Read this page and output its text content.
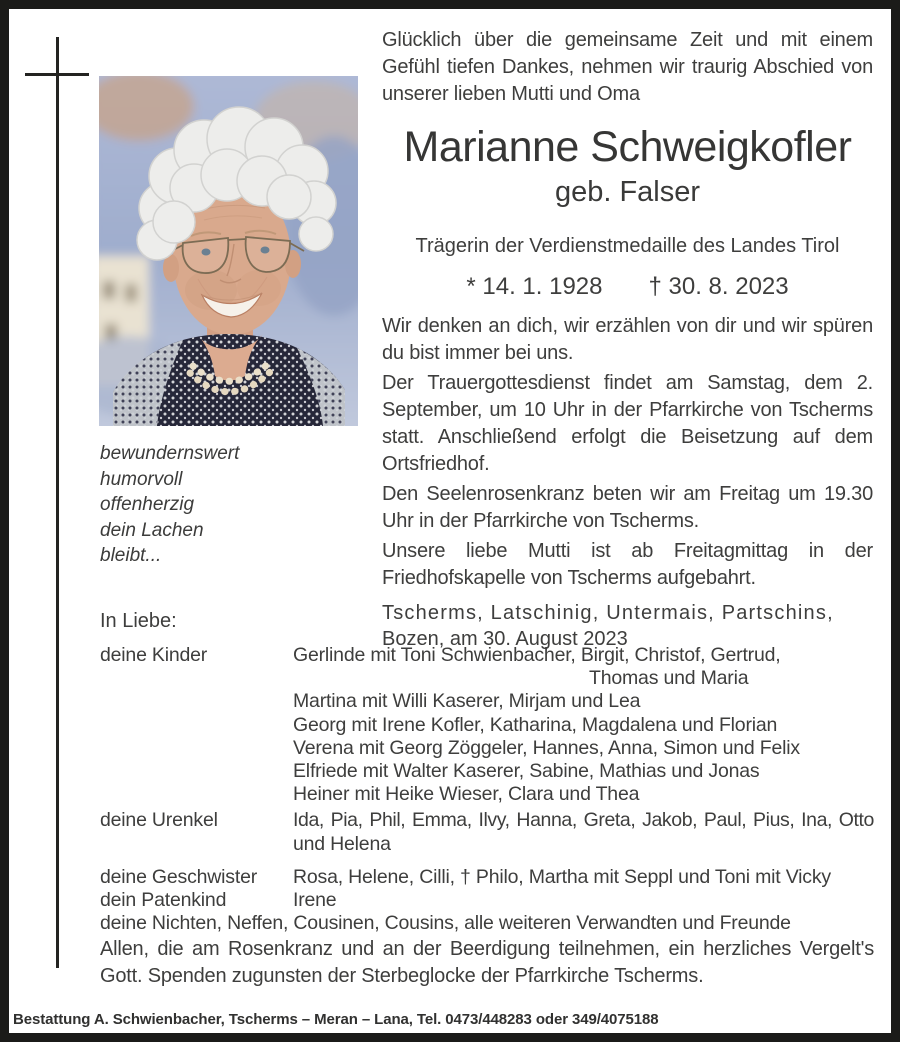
bewundernswert
humorvoll
offenherzig
dein Lachen
bleibt...
Glücklich über die gemeinsame Zeit und mit einem Gefühl tiefen Dankes, nehmen wir traurig Abschied von unserer lieben Mutti und Oma
Marianne Schweigkofler
geb. Falser
Trägerin der Verdienstmedaille des Landes Tirol
* 14. 1. 1928 † 30. 8. 2023
Wir denken an dich, wir erzählen von dir und wir spüren du bist immer bei uns.
Der Trauergottesdienst findet am Samstag, dem 2. September, um 10 Uhr in der Pfarrkirche von Tscherms statt. Anschließend erfolgt die Beisetzung auf dem Ortsfriedhof.
Den Seelenrosenkranz beten wir am Freitag um 19.30 Uhr in der Pfarrkirche von Tscherms.
Unsere liebe Mutti ist ab Freitagmittag in der Friedhofskapelle von Tscherms aufgebahrt.
Tscherms, Latschinig, Untermais, Partschins,
Bozen, am 30. August 2023
In Liebe:
deine Kinder	Gerlinde mit Toni Schwienbacher, Birgit, Christof, Gertrud,
Thomas und Maria
Martina mit Willi Kaserer, Mirjam und Lea
Georg mit Irene Kofler, Katharina, Magdalena und Florian
Verena mit Georg Zöggeler, Hannes, Anna, Simon und Felix
Elfriede mit Walter Kaserer, Sabine, Mathias und Jonas
Heiner mit Heike Wieser, Clara und Thea
deine Urenkel	Ida, Pia, Phil, Emma, Ilvy, Hanna, Greta, Jakob, Paul, Pius, Ina, Otto
und Helena
deine Geschwister	Rosa, Helene, Cilli, † Philo, Martha mit Seppl und Toni mit Vicky
dein Patenkind	Irene
deine Nichten, Neffen, Cousinen, Cousins, alle weiteren Verwandten und Freunde
Allen, die am Rosenkranz und an der Beerdigung teilnehmen, ein herzliches Vergelt's Gott. Spenden zugunsten der Sterbeglocke der Pfarrkirche Tscherms.
Bestattung A. Schwienbacher, Tscherms – Meran – Lana, Tel. 0473/448283 oder 349/4075188
